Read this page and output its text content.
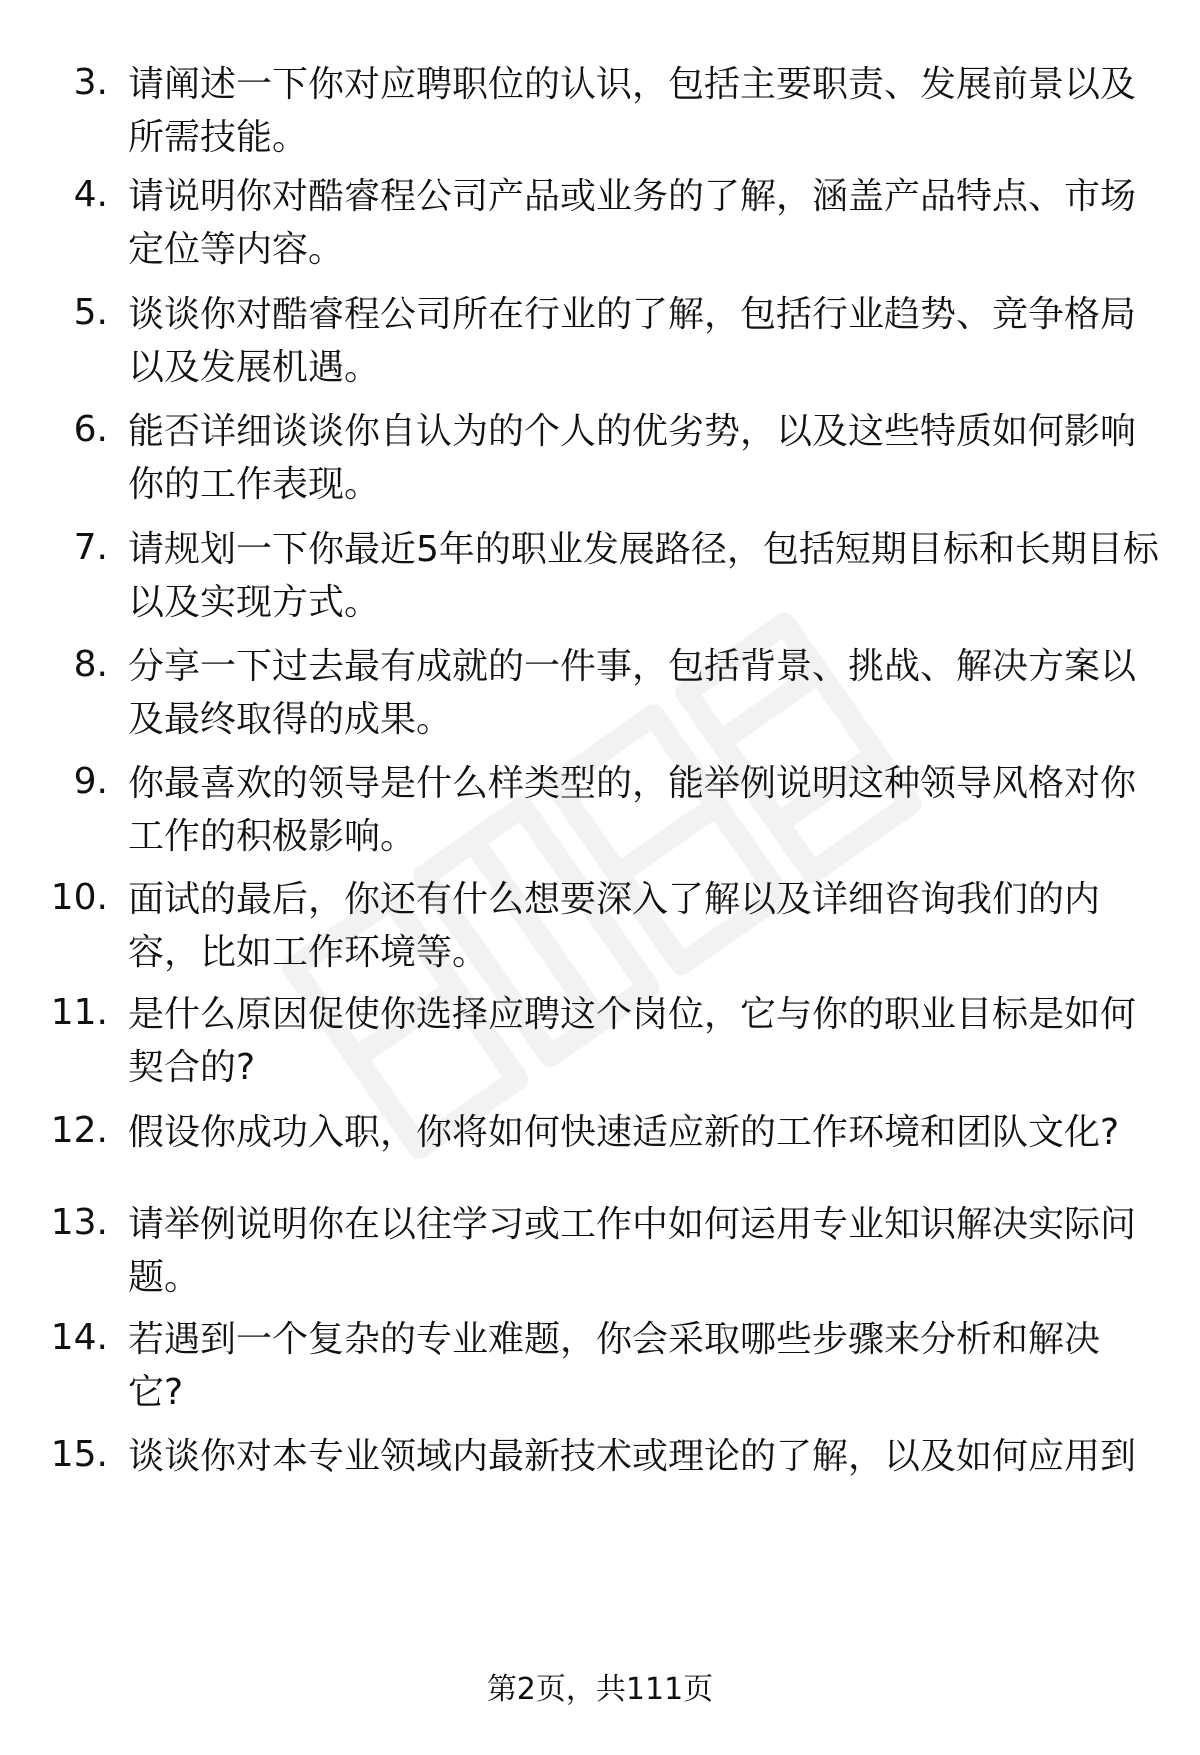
3. 请阐述一下你对应聘职位的认识，包括主要职责、发展前景以及
所需技能。
4. 请说明你对酷睿程公司产品或业务的了解，涵盖产品特点、市场
定位等内容。
5. 谈谈你对酷睿程公司所在行业的了解，包括行业趋势、竞争格局
以及发展机遇。
6. 能否详细谈谈你自认为的个人的优劣势，以及这些特质如何影响
你的工作表现。
7. 请规划一下你最近5年的职业发展路径，包括短期目标和长期目标
以及实现方式。
8. 分享一下过去最有成就的一件事，包括背景、挑战、解决方案以
及最终取得的成果。
9. 你最喜欢的领导是什么样类型的，能举例说明这种领导风格对你
工作的积极影响。
10. 面试的最后，你还有什么想要深入了解以及详细咨询我们的内
容，比如工作环境等。
11. 是什么原因促使你选择应聘这个岗位，它与你的职业目标是如何
契合的?
12. 假设你成功入职，你将如何快速适应新的工作环境和团队文化?
13. 请举例说明你在以往学习或工作中如何运用专业知识解决实际问
题。
14. 若遇到一个复杂的专业难题，你会采取哪些步骤来分析和解决
它?
15. 谈谈你对本专业领域内最新技术或理论的了解，以及如何应用到
第2页，共111页
